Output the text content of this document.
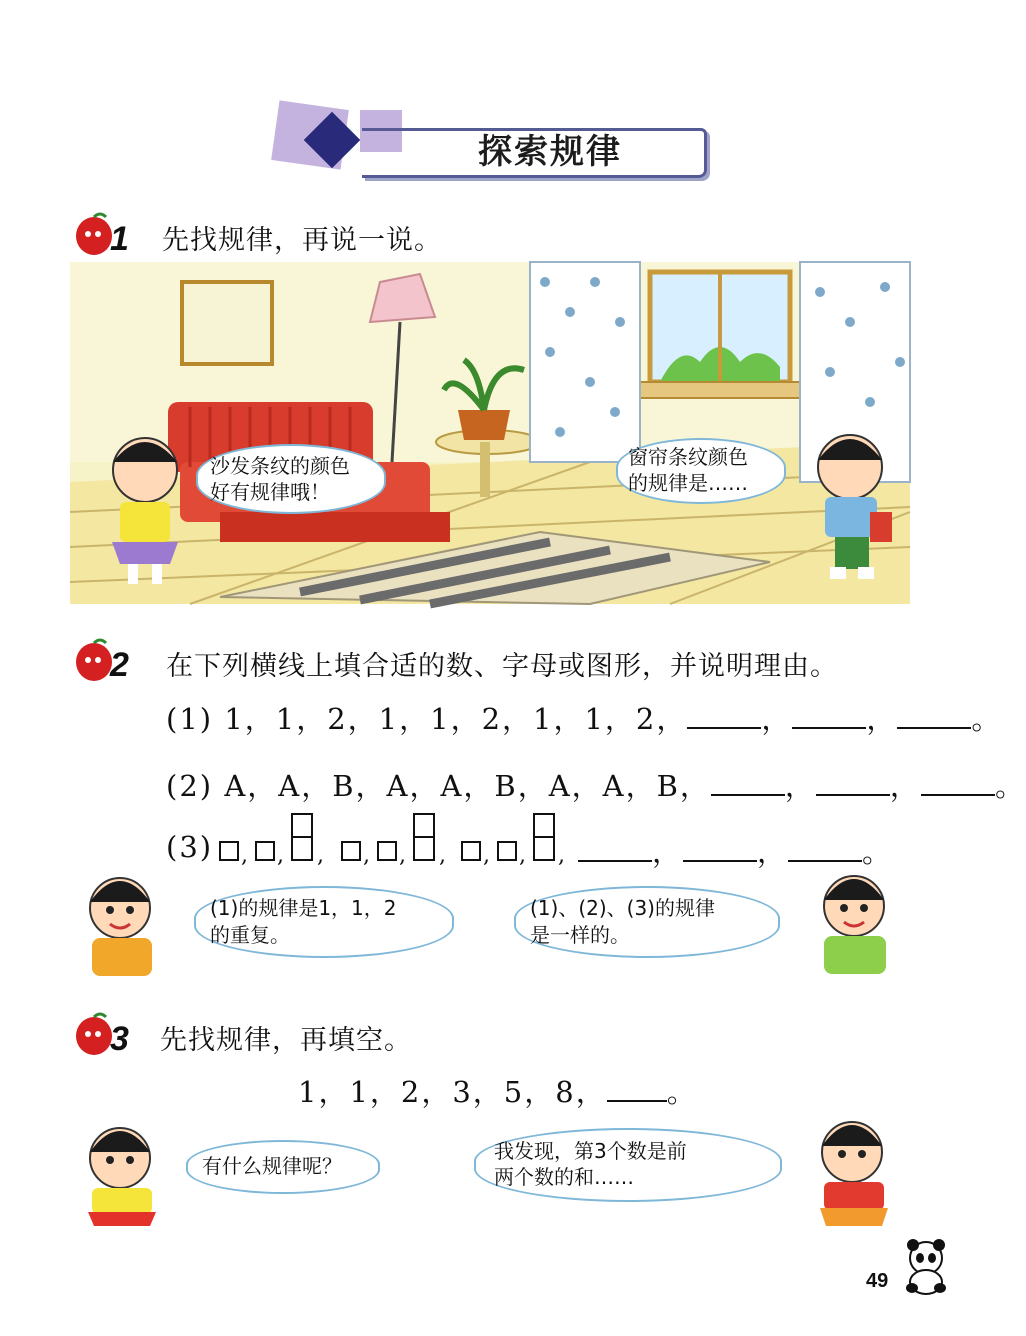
探索规律
1 先找规律，再说一说。
沙发条纹的颜色
好有规律哦！
窗帘条纹颜色
的规律是……
2 在下列横线上填合适的数、字母或图形，并说明理由。
(1) 1，1，2，1，1，2，1，1，2，	，	，	。
(2) A，A，B，A，A，B，A，A，B，	，	，	。
(3) , , , , , , , , ,	，	，	。
(1)的规律是1，1，2
的重复。
(1)、(2)、(3)的规律
是一样的。
3 先找规律，再填空。
1，1，2，3，5，8， 。
有什么规律呢？
我发现，第3个数是前
两个数的和……
49
